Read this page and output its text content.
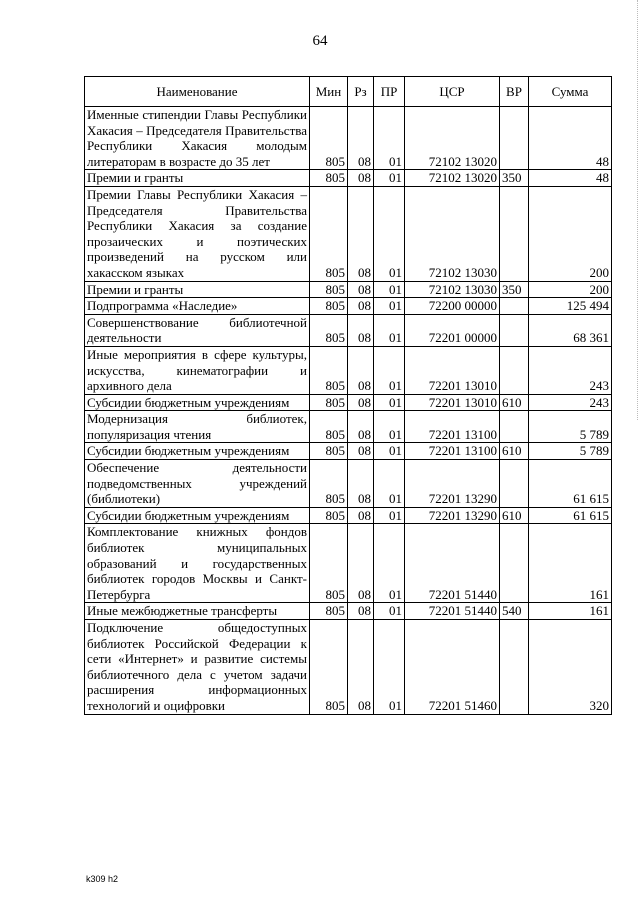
64
Наименование	Мин	Рз	ПР	ЦСР	ВР	Сумма
Именные стипендии Главы Республики Хакасия – Председателя Правительства Республики Хакасия молодым литераторам в возрасте до 35 лет	805	08	01	72102 13020		48
Премии и гранты	805	08	01	72102 13020	350	48
Премии Главы Республики Хакасия – Председателя Правительства Республики Хакасия за создание прозаических и поэтических произведений на русском или хакасском языках	805	08	01	72102 13030		200
Премии и гранты	805	08	01	72102 13030	350	200
Подпрограмма «Наследие»	805	08	01	72200 00000		125 494
Совершенствование библиотечной деятельности	805	08	01	72201 00000		68 361
Иные мероприятия в сфере культуры, искусства, кинематографии и архивного дела	805	08	01	72201 13010		243
Субсидии бюджетным учреждениям	805	08	01	72201 13010	610	243
Модернизация библиотек, популяризация чтения	805	08	01	72201 13100		5 789
Субсидии бюджетным учреждениям	805	08	01	72201 13100	610	5 789
Обеспечение деятельности подведомственных учреждений (библиотеки)	805	08	01	72201 13290		61 615
Субсидии бюджетным учреждениям	805	08	01	72201 13290	610	61 615
Комплектование книжных фондов библиотек муниципальных образований и государственных библиотек городов Москвы и Санкт-Петербурга	805	08	01	72201 51440		161
Иные межбюджетные трансферты	805	08	01	72201 51440	540	161
Подключение общедоступных библиотек Российской Федерации к сети «Интернет» и развитие системы библиотечного дела с учетом задачи расширения информационных технологий и оцифровки	805	08	01	72201 51460		320
k309 h2
